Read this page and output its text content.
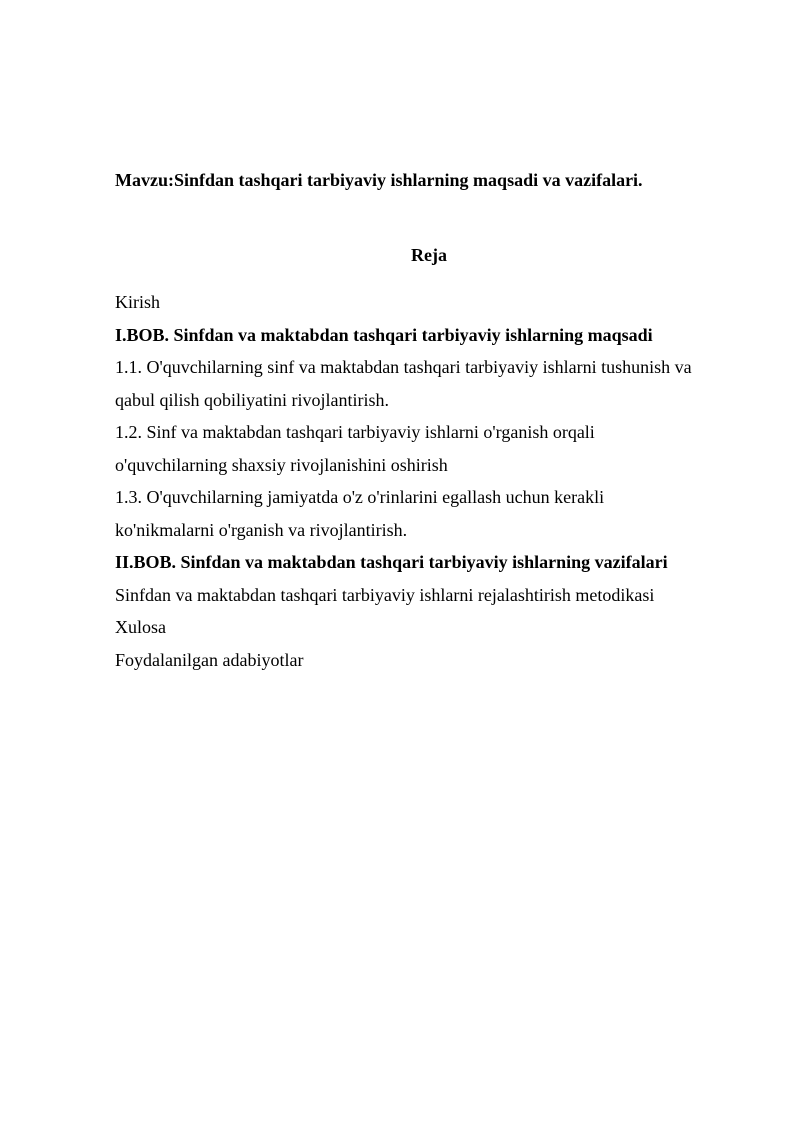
Mavzu:Sinfdan tashqari tarbiyaviy ishlarning maqsadi va vazifalari.
Reja
Kirish
I.BOB. Sinfdan va maktabdan tashqari tarbiyaviy ishlarning maqsadi
1.1. O'quvchilarning sinf va maktabdan tashqari tarbiyaviy ishlarni tushunish va
qabul qilish qobiliyatini rivojlantirish.
1.2. Sinf va maktabdan tashqari tarbiyaviy ishlarni o'rganish orqali
o'quvchilarning shaxsiy rivojlanishini oshirish
1.3. O'quvchilarning jamiyatda o'z o'rinlarini egallash uchun kerakli
ko'nikmalarni o'rganish va rivojlantirish.
II.BOB. Sinfdan va maktabdan tashqari tarbiyaviy ishlarning vazifalari
Sinfdan va maktabdan tashqari tarbiyaviy ishlarni rejalashtirish metodikasi
Xulosa
Foydalanilgan adabiyotlar
